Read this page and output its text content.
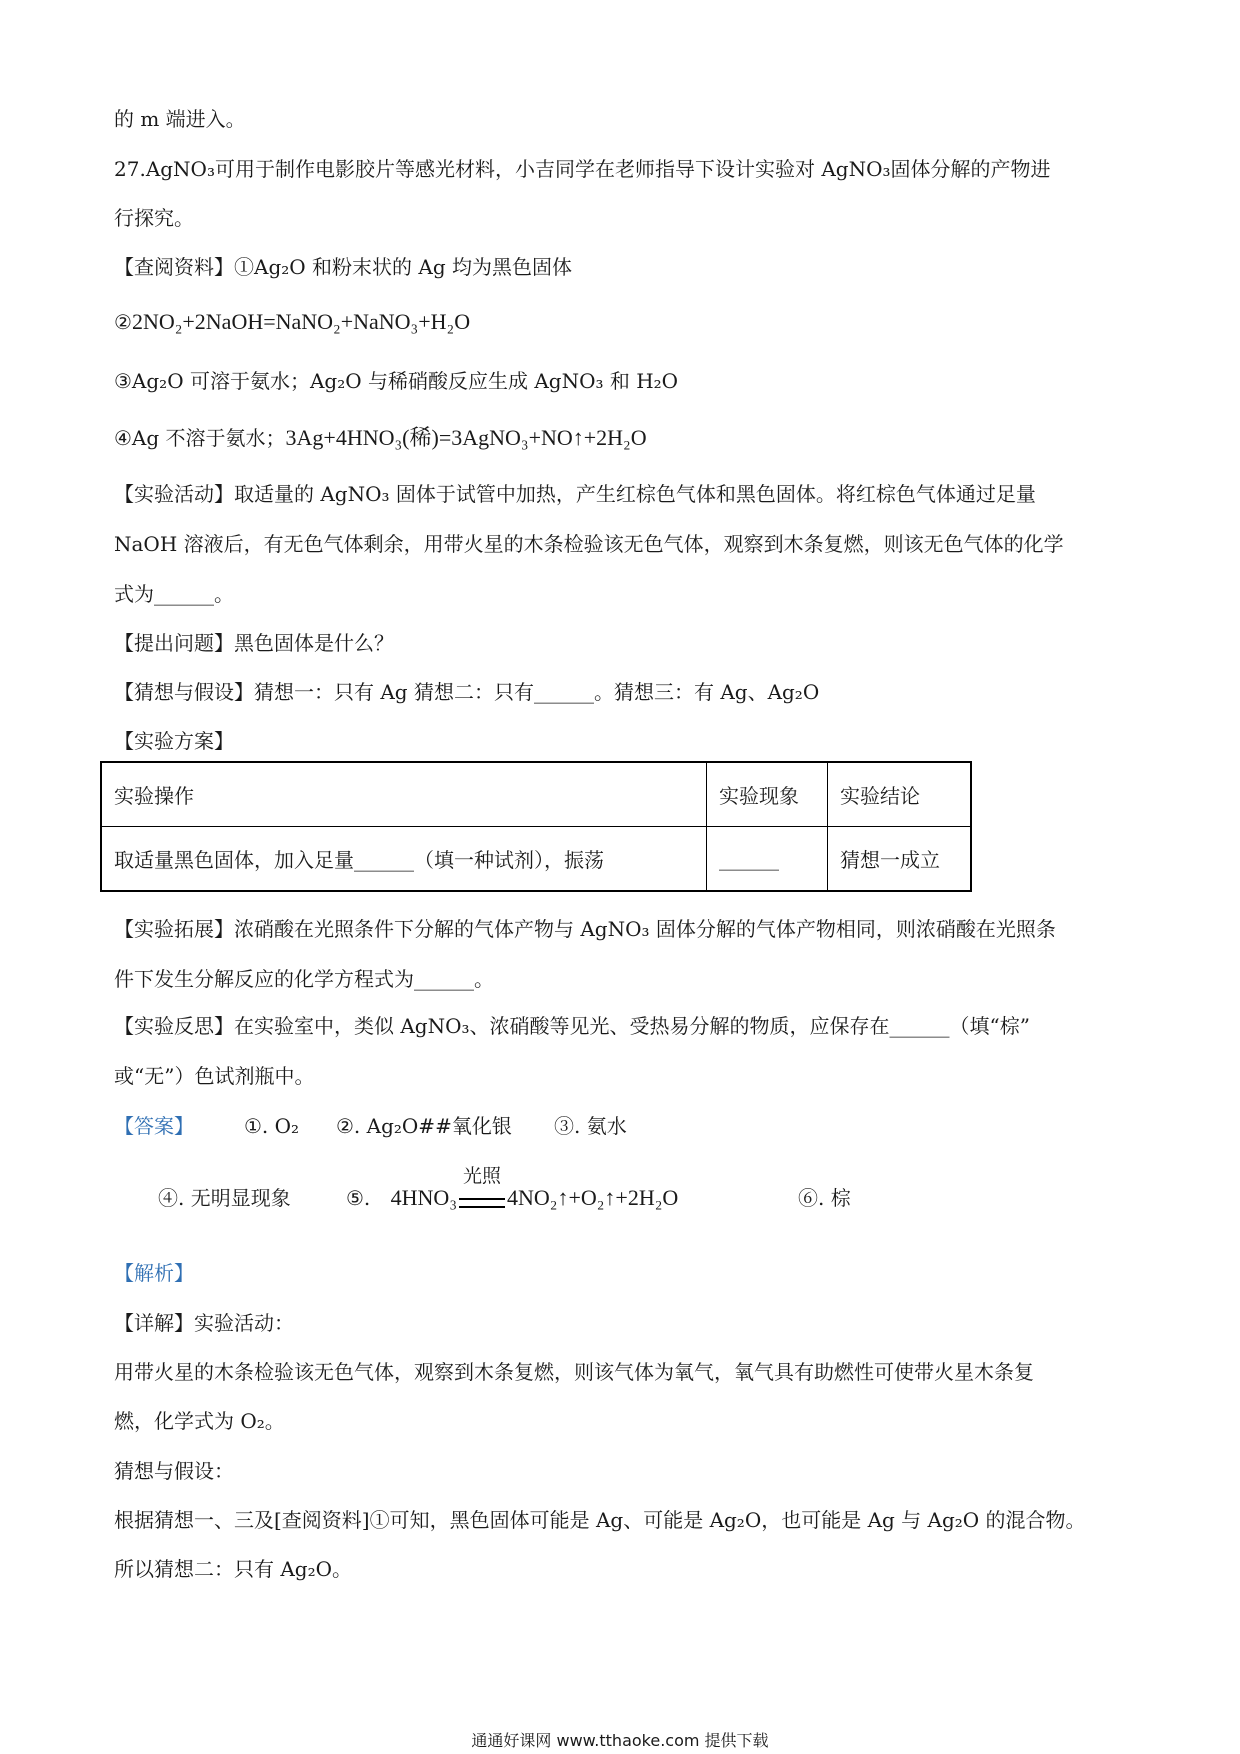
的 m 端进入。
27.AgNO₃可用于制作电影胶片等感光材料，小吉同学在老师指导下设计实验对 AgNO₃固体分解的产物进
行探究。
【查阅资料】①Ag₂O 和粉末状的 Ag 均为黑色固体
②2NO₂+2NaOH=NaNO₂+NaNO₃+H₂O
③Ag₂O 可溶于氨水；Ag₂O 与稀硝酸反应生成 AgNO₃ 和 H₂O
④Ag 不溶于氨水；3Ag+4HNO₃(稀)=3AgNO₃+NO↑+2H₂O
【实验活动】取适量的 AgNO₃ 固体于试管中加热，产生红棕色气体和黑色固体。将红棕色气体通过足量
NaOH 溶液后，有无色气体剩余，用带火星的木条检验该无色气体，观察到木条复燃，则该无色气体的化学
式为______。
【提出问题】黑色固体是什么？
【猜想与假设】猜想一：只有 Ag 猜想二：只有______。猜想三：有 Ag、Ag₂O
【实验方案】
实验操作	实验现象	实验结论
取适量黑色固体，加入足量______（填一种试剂），振荡	______	猜想一成立
【实验拓展】浓硝酸在光照条件下分解的气体产物与 AgNO₃ 固体分解的气体产物相同，则浓硝酸在光照条
件下发生分解反应的化学方程式为______。
【实验反思】在实验室中，类似 AgNO₃、浓硝酸等见光、受热易分解的物质，应保存在______（填“棕”
或“无”）色试剂瓶中。
【答案】	①. O₂ ②. Ag₂O##氧化银 ③. 氨水
④. 无明显现象	⑤. 4HNO₃
光照
4NO₂↑+O₂↑+2H₂O	⑥. 棕
【解析】
【详解】实验活动：
用带火星的木条检验该无色气体，观察到木条复燃，则该气体为氧气，氧气具有助燃性可使带火星木条复
燃，化学式为 O₂。
猜想与假设：
根据猜想一、三及[查阅资料]①可知，黑色固体可能是 Ag、可能是 Ag₂O，也可能是 Ag 与 Ag₂O 的混合物。
所以猜想二：只有 Ag₂O。
通通好课网 www.tthaoke.com 提供下载
